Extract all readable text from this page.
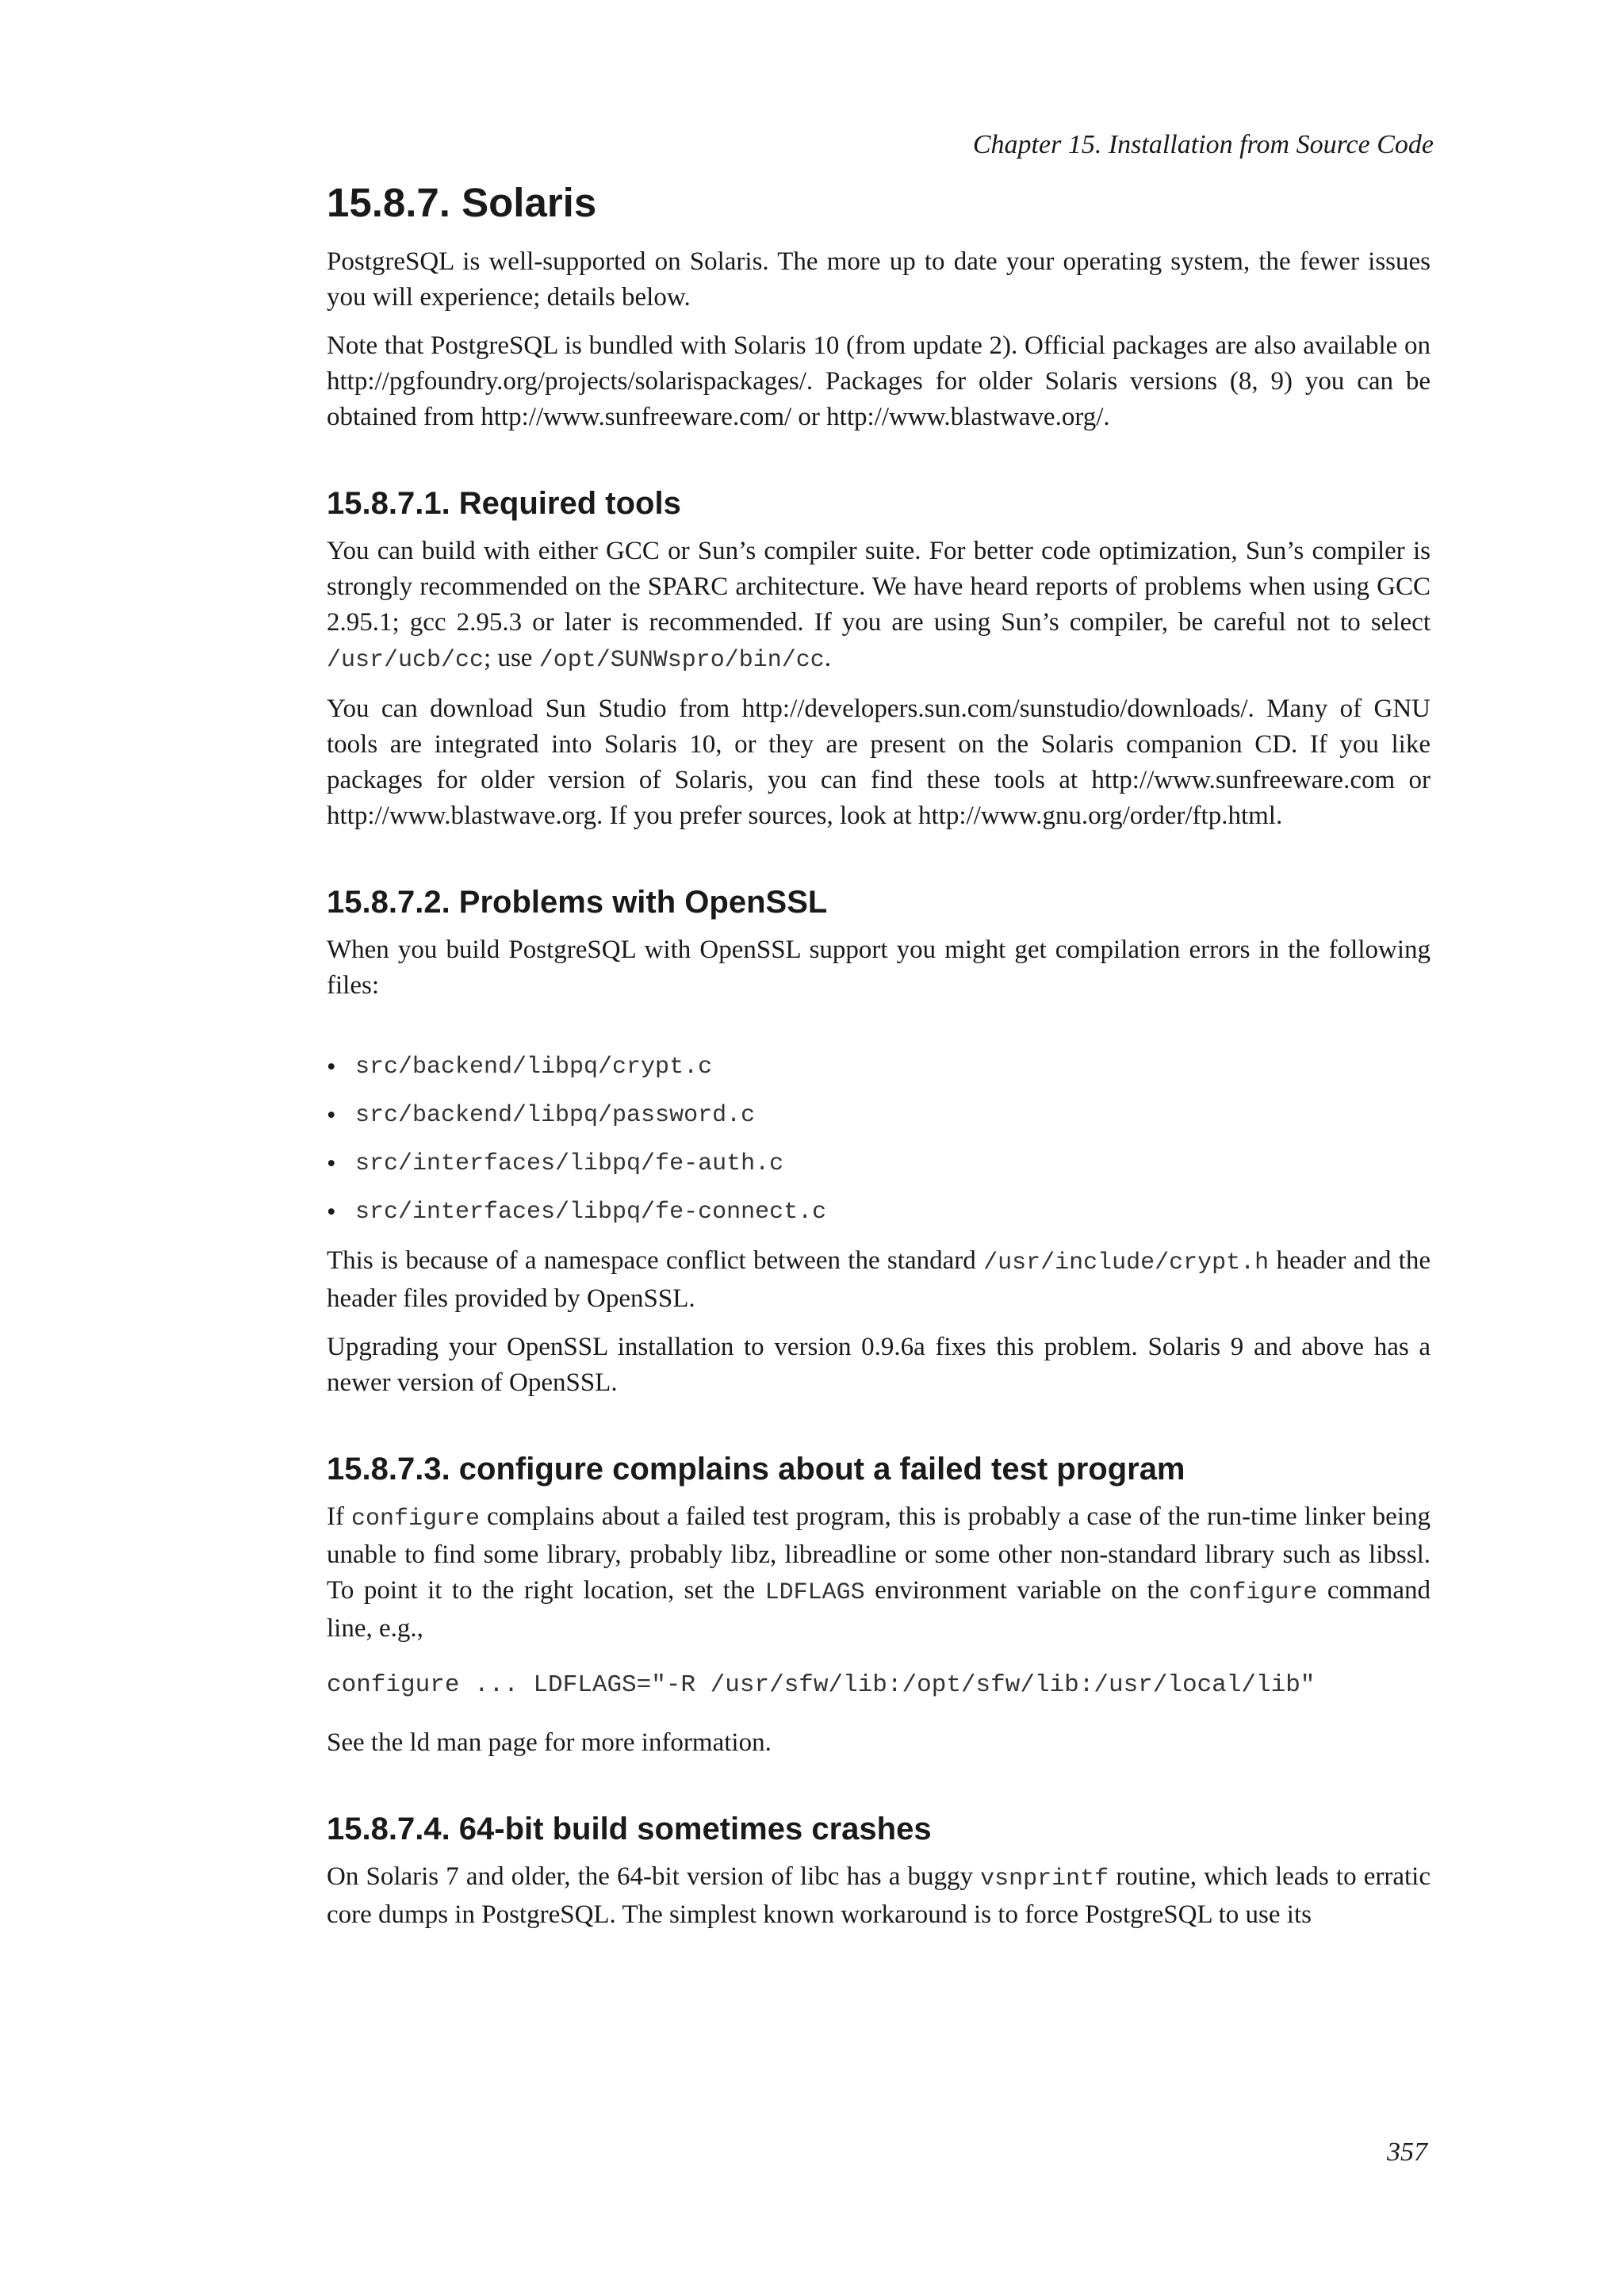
Chapter 15. Installation from Source Code
15.8.7. Solaris

PostgreSQL is well-supported on Solaris. The more up to date your operating system, the fewer issues you will experience; details below.

Note that PostgreSQL is bundled with Solaris 10 (from update 2). Official packages are also available on http://pgfoundry.org/projects/solarispackages/. Packages for older Solaris versions (8, 9) you can be obtained from http://www.sunfreeware.com/ or http://www.blastwave.org/.

15.8.7.1. Required tools

You can build with either GCC or Sun’s compiler suite. For better code optimization, Sun’s compiler is strongly recommended on the SPARC architecture. We have heard reports of problems when using GCC 2.95.1; gcc 2.95.3 or later is recommended. If you are using Sun’s compiler, be careful not to select /usr/ucb/cc; use /opt/SUNWspro/bin/cc.

You can download Sun Studio from http://developers.sun.com/sunstudio/downloads/. Many of GNU tools are integrated into Solaris 10, or they are present on the Solaris companion CD. If you like packages for older version of Solaris, you can find these tools at http://www.sunfreeware.com or http://www.blastwave.org. If you prefer sources, look at http://www.gnu.org/order/ftp.html.

15.8.7.2. Problems with OpenSSL

When you build PostgreSQL with OpenSSL support you might get compilation errors in the following files:

• src/backend/libpq/crypt.c
• src/backend/libpq/password.c
• src/interfaces/libpq/fe-auth.c
• src/interfaces/libpq/fe-connect.c

This is because of a namespace conflict between the standard /usr/include/crypt.h header and the header files provided by OpenSSL.

Upgrading your OpenSSL installation to version 0.9.6a fixes this problem. Solaris 9 and above has a newer version of OpenSSL.

15.8.7.3. configure complains about a failed test program

If configure complains about a failed test program, this is probably a case of the run-time linker being unable to find some library, probably libz, libreadline or some other non-standard library such as libssl. To point it to the right location, set the LDFLAGS environment variable on the configure command line, e.g.,

configure ... LDFLAGS="-R /usr/sfw/lib:/opt/sfw/lib:/usr/local/lib"

See the ld man page for more information.

15.8.7.4. 64-bit build sometimes crashes

On Solaris 7 and older, the 64-bit version of libc has a buggy vsnprintf routine, which leads to erratic core dumps in PostgreSQL. The simplest known workaround is to force PostgreSQL to use its

357
